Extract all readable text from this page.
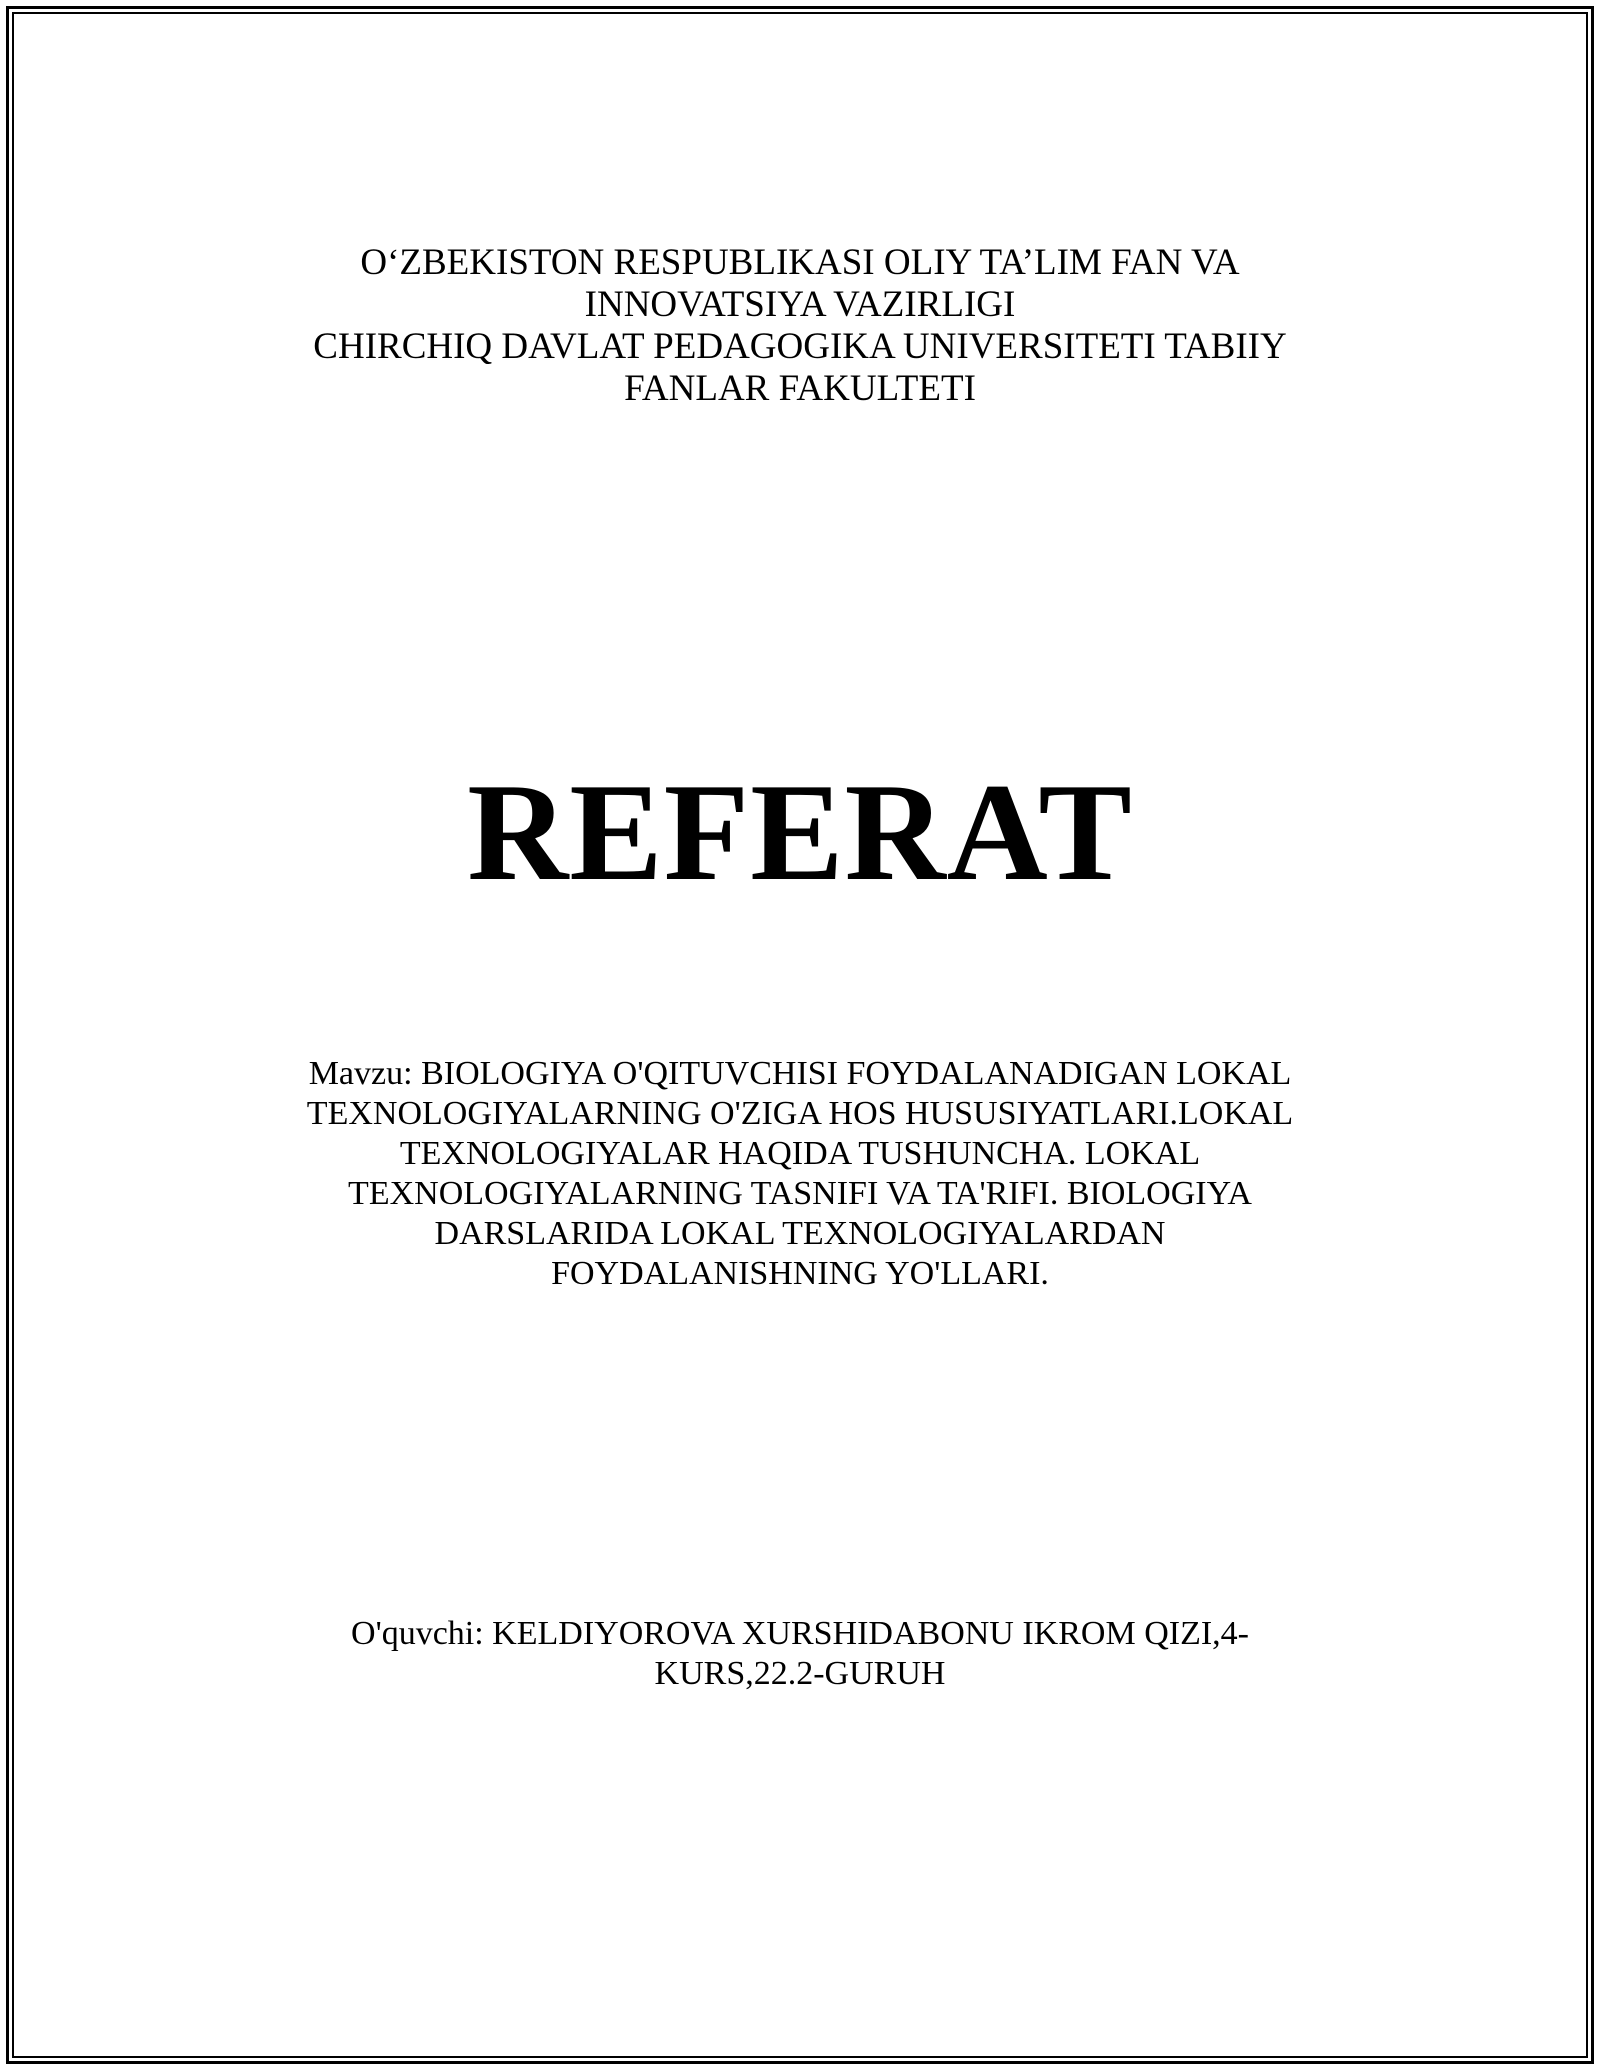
O‘ZBEKISTON RESPUBLIKASI OLIY TA’LIM FAN VA
INNOVATSIYA VAZIRLIGI
CHIRCHIQ DAVLAT PEDAGOGIKA UNIVERSITETI TABIIY
FANLAR FAKULTETI
REFERAT
Mavzu: BIOLOGIYA O'QITUVCHISI FOYDALANADIGAN LOKAL
TEXNOLOGIYALARNING O'ZIGA HOS HUSUSIYATLARI.LOKAL
TEXNOLOGIYALAR HAQIDA TUSHUNCHA. LOKAL
TEXNOLOGIYALARNING TASNIFI VA TA'RIFI. BIOLOGIYA
DARSLARIDA LOKAL TEXNOLOGIYALARDAN
FOYDALANISHNING YO'LLARI.
O'quvchi: KELDIYOROVA XURSHIDABONU IKROM QIZI,4-
KURS,22.2-GURUH
